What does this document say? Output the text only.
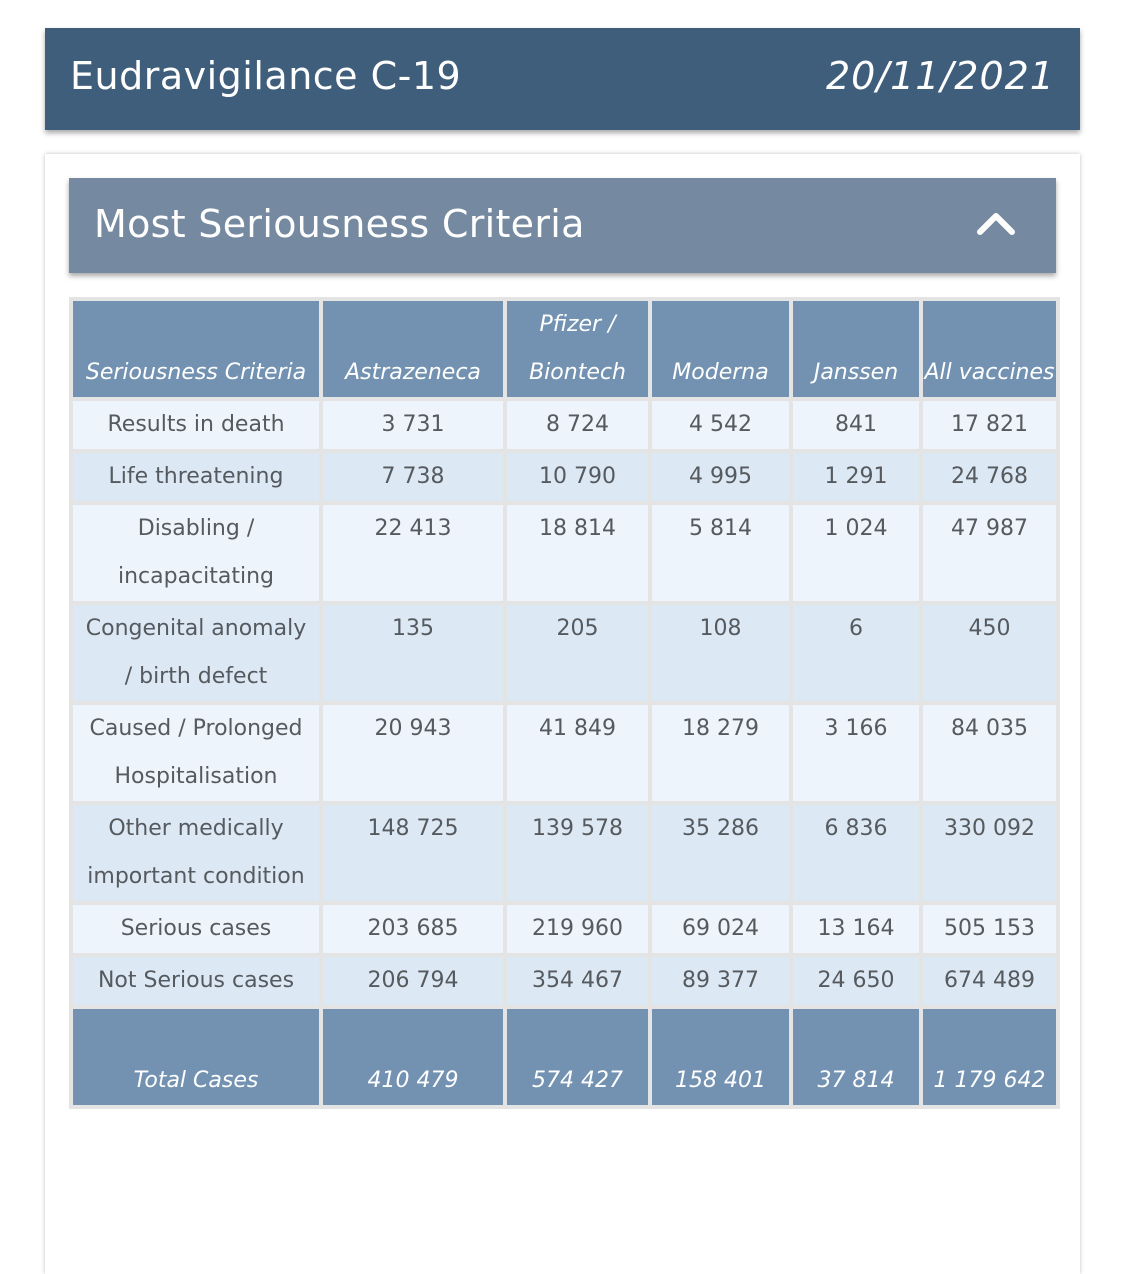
Eudravigilance C-19	20/11/2021
Most Seriousness Criteria
Seriousness Criteria	Astrazeneca	Pfizer / Biontech	Moderna	Janssen	All vaccines
Results in death	3 731	8 724	4 542	841	17 821
Life threatening	7 738	10 790	4 995	1 291	24 768
Disabling / incapacitating	22 413	18 814	5 814	1 024	47 987
Congenital anomaly / birth defect	135	205	108	6	450
Caused / Prolonged Hospitalisation	20 943	41 849	18 279	3 166	84 035
Other medically important condition	148 725	139 578	35 286	6 836	330 092
Serious cases	203 685	219 960	69 024	13 164	505 153
Not Serious cases	206 794	354 467	89 377	24 650	674 489
Total Cases	410 479	574 427	158 401	37 814	1 179 642
